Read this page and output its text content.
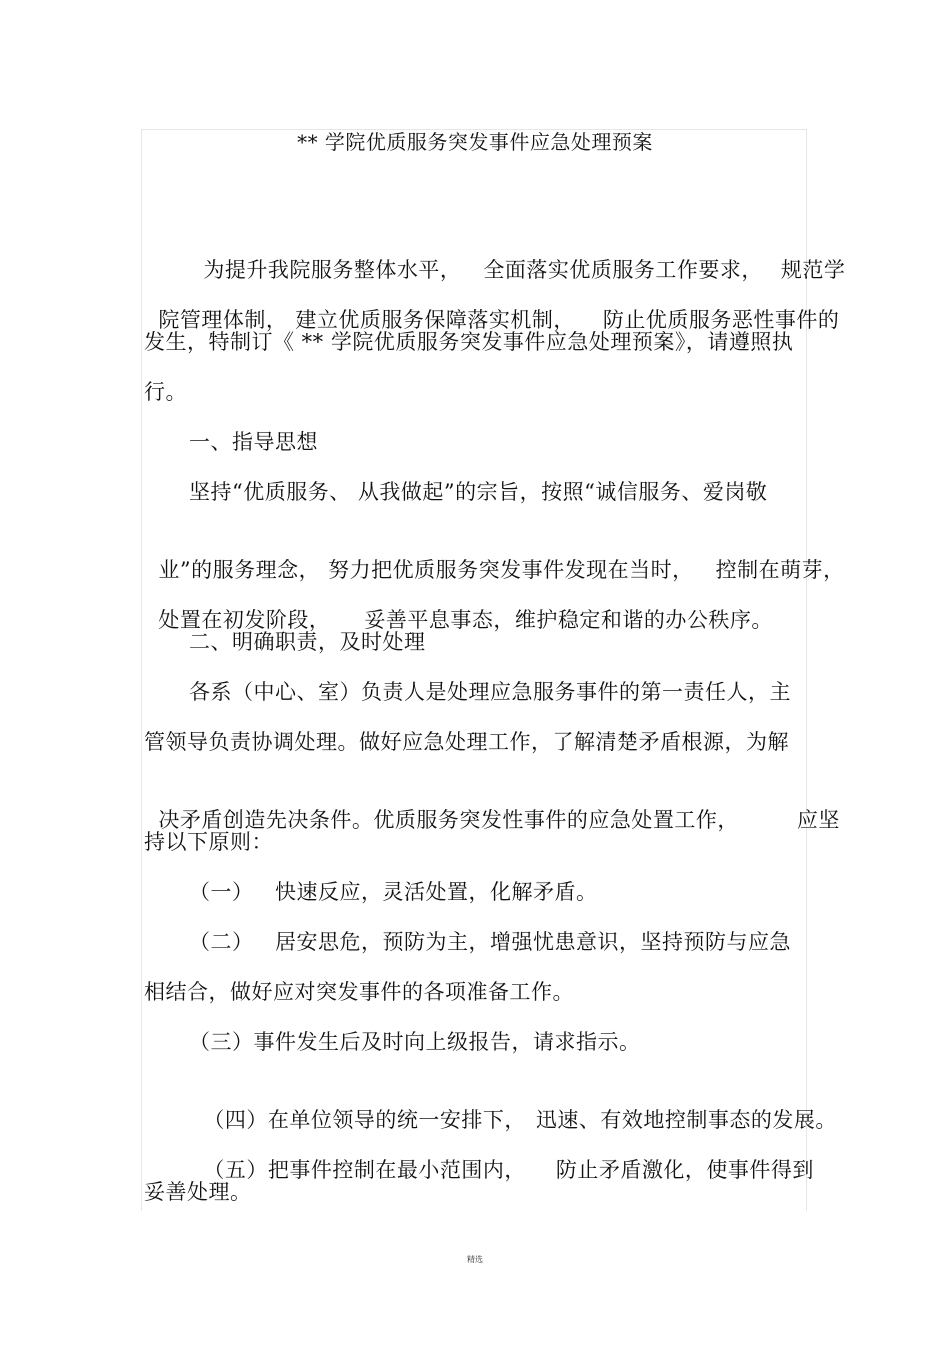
** 学院优质服务突发事件应急处理预案

为提升我院服务整体水平， 全面落实优质服务工作要求， 规范学

院管理体制， 建立优质服务保障落实机制， 防止优质服务恶性事件的

发生，特制订《 ** 学院优质服务突发事件应急处理预案》，请遵照执
行。
一、指导思想
坚持“优质服务、 从我做起”的宗旨，按照“诚信服务、爱岗敬

业”的服务理念， 努力把优质服务突发事件发现在当时， 控制在萌芽，

处置在初发阶段， 妥善平息事态，维护稳定和谐的办公秩序。

二、明确职责，及时处理
各系（中心、室）负责人是处理应急服务事件的第一责任人，主
管领导负责协调处理。做好应急处理工作，了解清楚矛盾根源，为解

决矛盾创造先决条件。优质服务突发性事件的应急处置工作，	应坚

持以下原则：
（一）   快速反应，灵活处置，化解矛盾。
（二）   居安思危，预防为主，增强忧患意识，坚持预防与应急
相结合，做好应对突发事件的各项准备工作。
（三）事件发生后及时向上级报告，请求指示。

（四）在单位领导的统一安排下， 迅速、有效地控制事态的发展。

（五）把事件控制在最小范围内， 防止矛盾激化，使事件得到

妥善处理。
精选
